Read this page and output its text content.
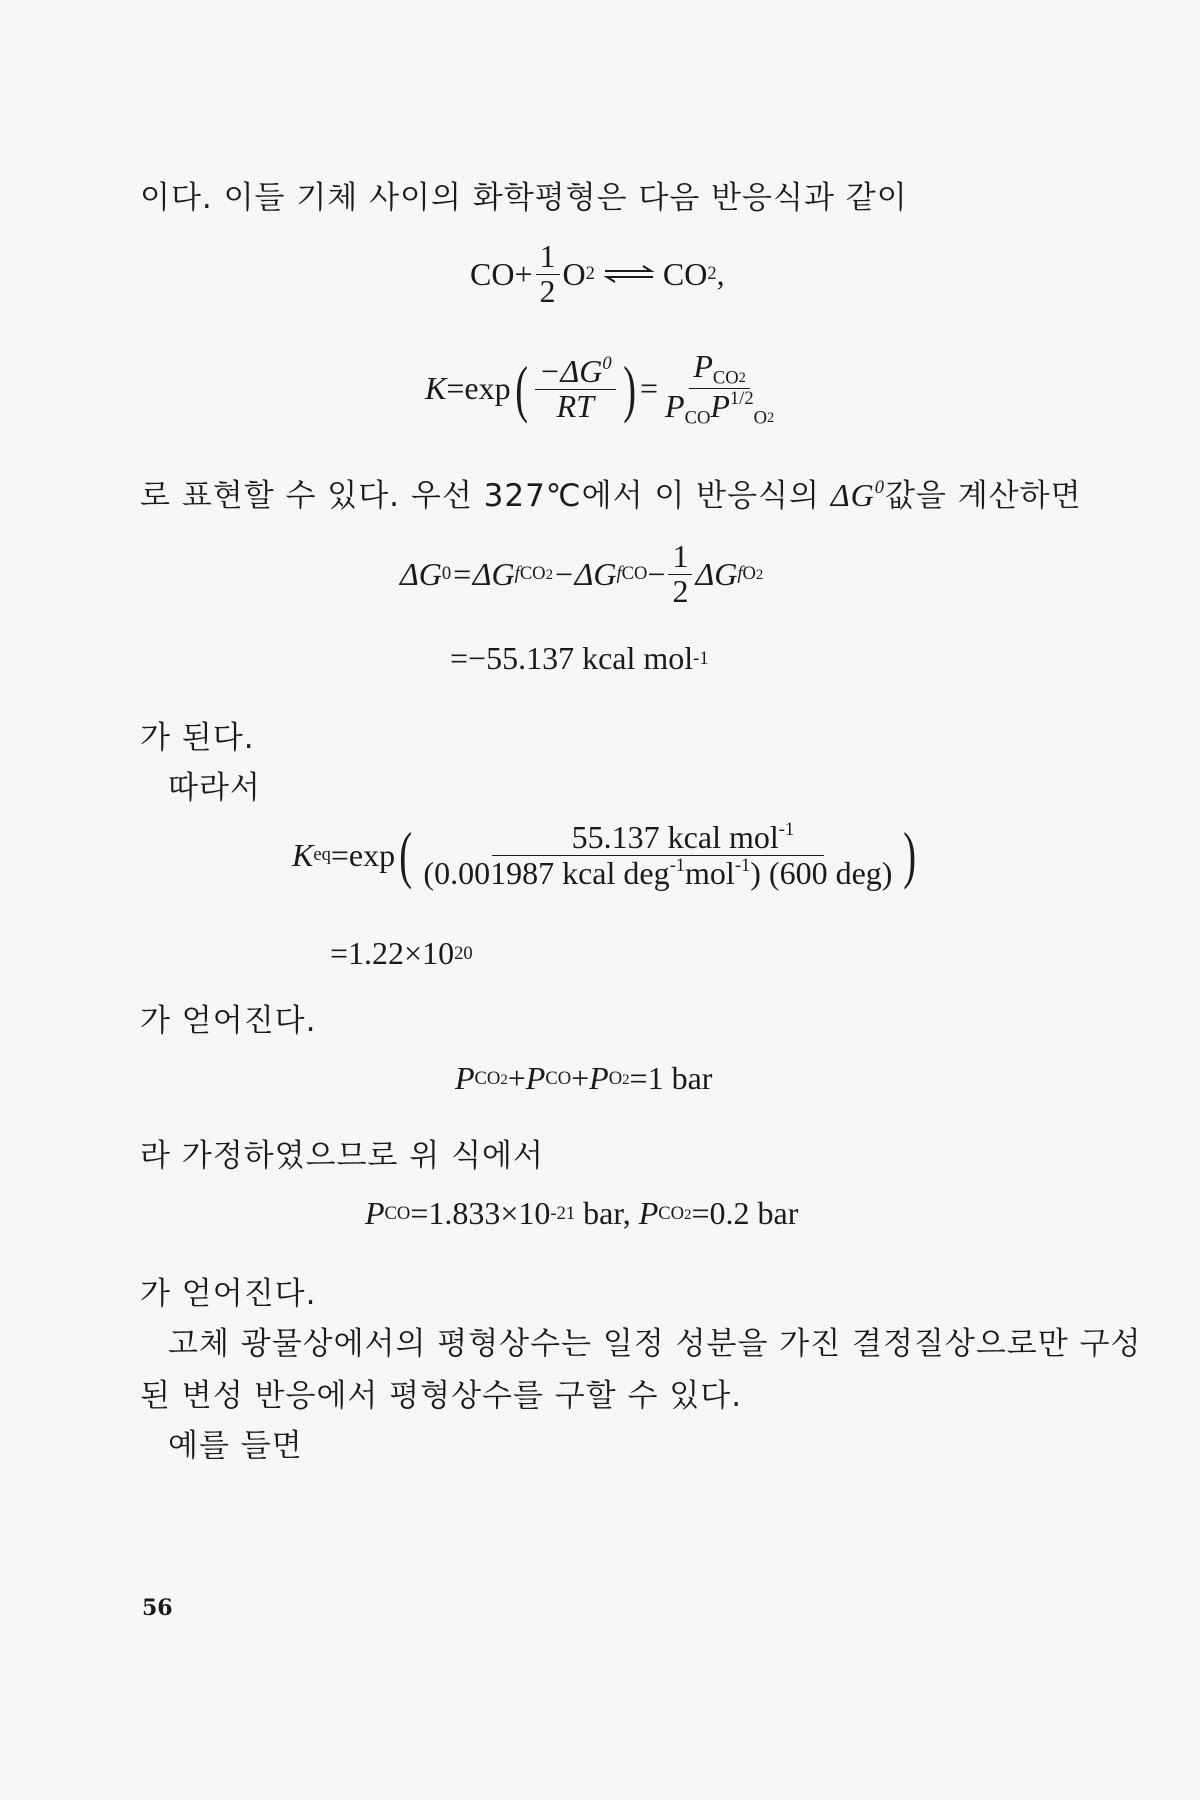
이다. 이들 기체 사이의 화학평형은 다음 반응식과 같이
$CO+ \frac{1}{2}$ O 2 ⇌ CO 2 ,
K =exp ( $\frac{-\Delta G^0}{RT}$ ) = $\frac{P_{CO2}}{P_{CO}P^{1/2}_{O2}}$
로 표현할 수 있다. 우선 327℃에서 이 반응식의 $\Delta G^0$값을 계산하면
ΔG 0 =ΔG fCO2 −ΔG fCO − $\frac{1}{2}$ ΔG fO2
=−55.137 kcal mol -1
가 된다.
따라서
K eq =exp ( $\frac{55.137 kcal mol^{-1}}{(0.001987 kcal deg^{-1}mol^{-1}) (600 deg)}$ )
=1.22×10 20
가 얻어진다.
P CO2 + P CO + P O2 =1 bar
라 가정하였으므로 위 식에서
P CO =1.833×10 -21 bar, P CO2 =0.2 bar
가 얻어진다.
고체 광물상에서의 평형상수는 일정 성분을 가진 결정질상으로만 구성
된 변성 반응에서 평형상수를 구할 수 있다.
예를 들면
56
